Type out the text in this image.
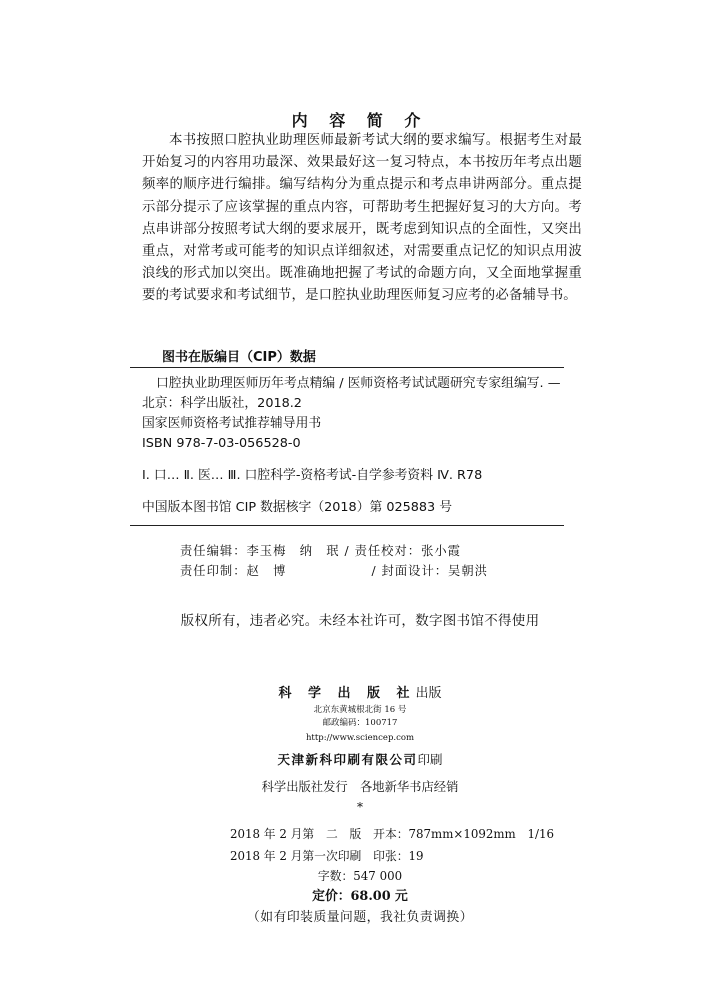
内 容 简 介

本书按照口腔执业助理医师最新考试大纲的要求编写。根据考生对最开始复习的内容用功最深、效果最好这一复习特点，本书按历年考点出题频率的顺序进行编排。编写结构分为重点提示和考点串讲两部分。重点提示部分提示了应该掌握的重点内容，可帮助考生把握好复习的大方向。考点串讲部分按照考试大纲的要求展开，既考虑到知识点的全面性，又突出重点，对常考或可能考的知识点详细叙述，对需要重点记忆的知识点用波浪线的形式加以突出。既准确地把握了考试的命题方向，又全面地掌握重要的考试要求和考试细节，是口腔执业助理医师复习应考的必备辅导书。

图书在版编目（CIP）数据
口腔执业助理医师历年考点精编 / 医师资格考试试题研究专家组编写. —北京：科学出版社，2018.2
国家医师资格考试推荐辅导用书
ISBN 978-7-03-056528-0
Ⅰ. 口… Ⅱ. 医… Ⅲ. 口腔科学-资格考试-自学参考资料 Ⅳ. R78
中国版本图书馆 CIP 数据核字（2018）第 025883 号
责任编辑：李玉梅　纳　珉 / 责任校对：张小霞
责任印制：赵　博	/ 封面设计：吴朝洪
版权所有，违者必究。未经本社许可，数字图书馆不得使用
科 学 出 版 社出版
北京东黄城根北街 16 号
邮政编码：100717
http://www.sciencep.com
天津新科印刷有限公司印刷
科学出版社发行　各地新华书店经销
*
2018 年 2 月第　二　版　开本：787mm×1092mm　1/16
2018 年 2 月第一次印刷　印张：19
字数：547 000
定价：68.00 元
（如有印装质量问题，我社负责调换）
